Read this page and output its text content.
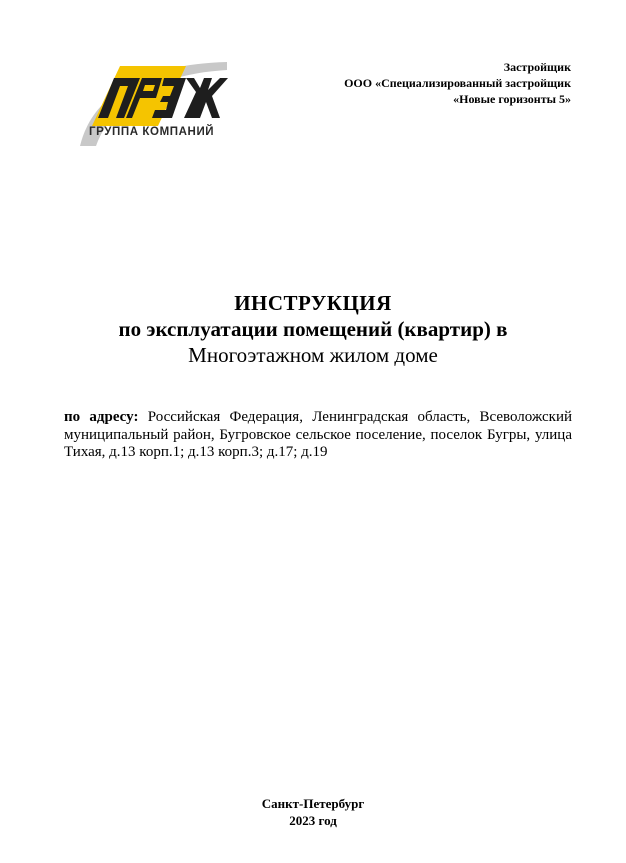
ГРУППА КОМПАНИЙ
Застройщик
ООО «Специализированный застройщик
«Новые горизонты 5»
ИНСТРУКЦИЯ
по эксплуатации помещений (квартир) в
Многоэтажном жилом доме
по адресу: Российская Федерация, Ленинградская область, Всеволожский муниципальный район, Бугровское сельское поселение, поселок Бугры, улица Тихая, д.13 корп.1; д.13 корп.3; д.17; д.19
Санкт-Петербург
2023 год
